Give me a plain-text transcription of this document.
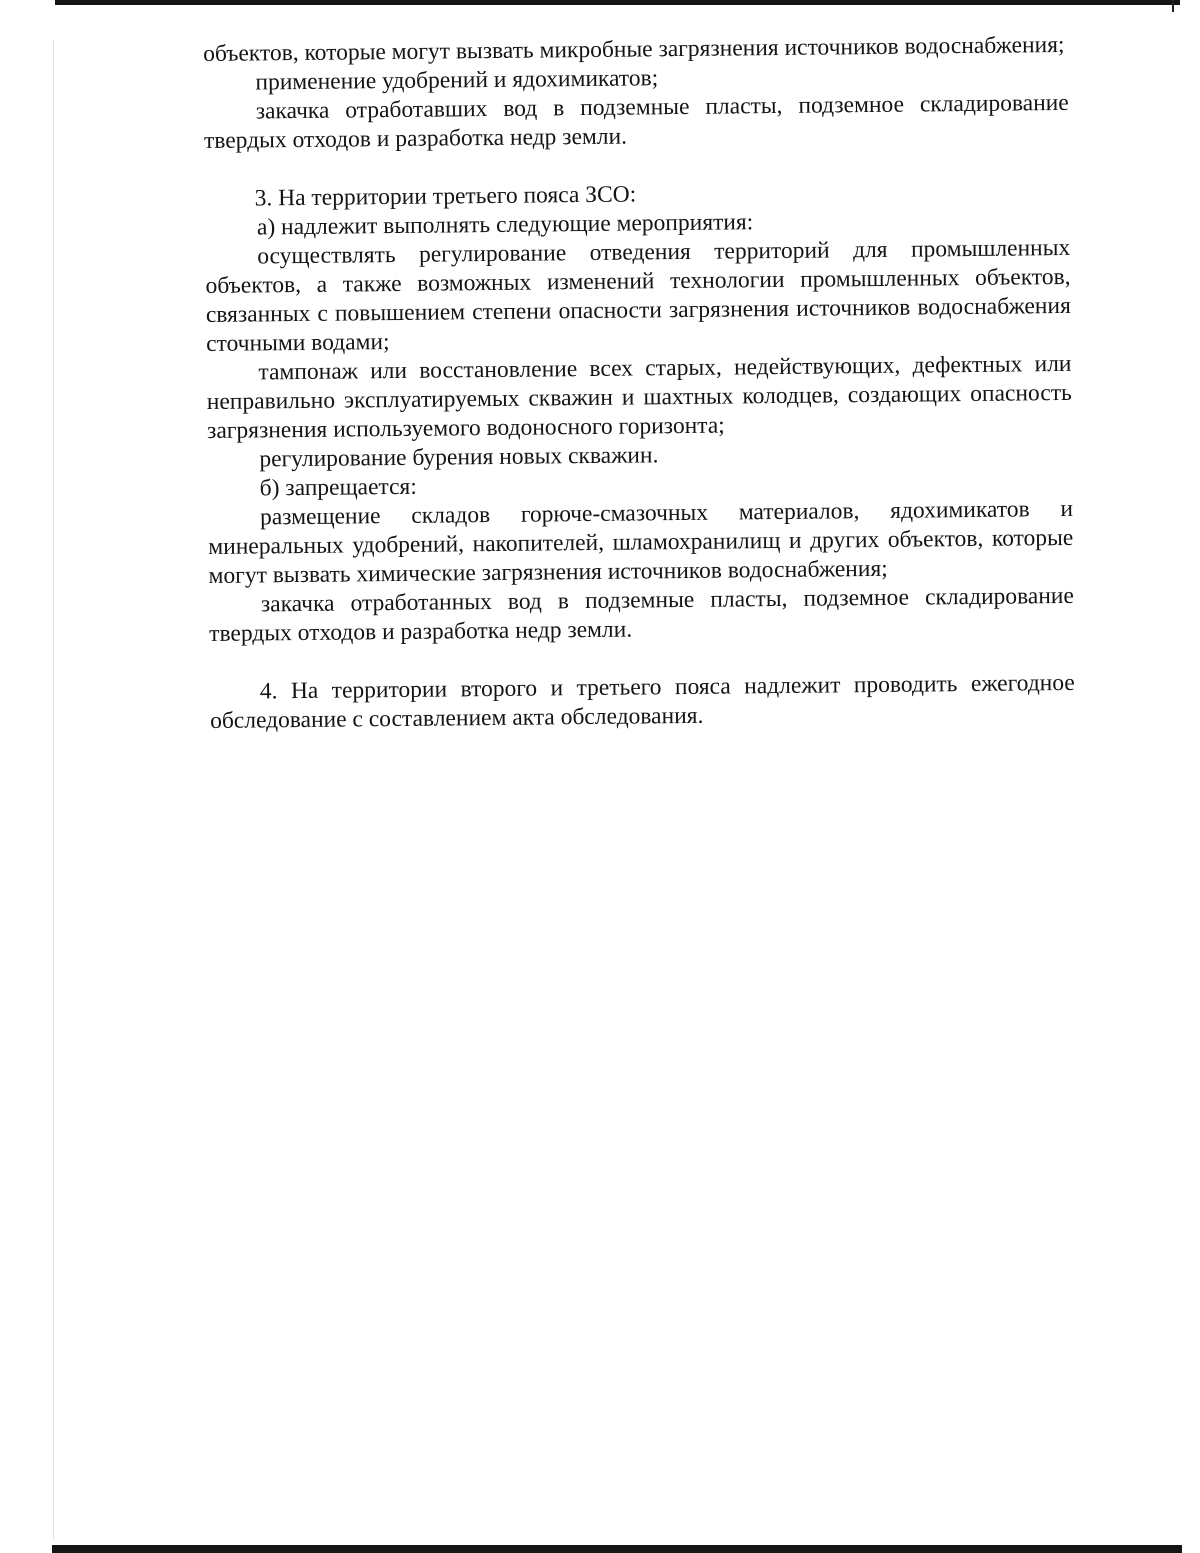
объектов, которые могут вызвать микробные загрязнения источников водоснабжения;

применение удобрений и ядохимикатов;

закачка отработавших вод в подземные пласты, подземное складирование твердых отходов и разработка недр земли.

3. На территории третьего пояса ЗСО:

а) надлежит выполнять следующие мероприятия:

осуществлять регулирование отведения территорий для промышленных объектов, а также возможных изменений технологии промышленных объектов, связанных с повышением степени опасности загрязнения источников водоснабжения сточными водами;

тампонаж или восстановление всех старых, недействующих, дефектных или неправильно эксплуатируемых скважин и шахтных колодцев, создающих опасность загрязнения используемого водоносного горизонта;

регулирование бурения новых скважин.

б) запрещается:

размещение складов горюче-смазочных материалов, ядохимикатов и минеральных удобрений, накопителей, шламохранилищ и других объектов, которые могут вызвать химические загрязнения источников водоснабжения;

закачка отработанных вод в подземные пласты, подземное складирование твердых отходов и разработка недр земли.

4. На территории второго и третьего пояса надлежит проводить ежегодное обследование с составлением акта обследования.
